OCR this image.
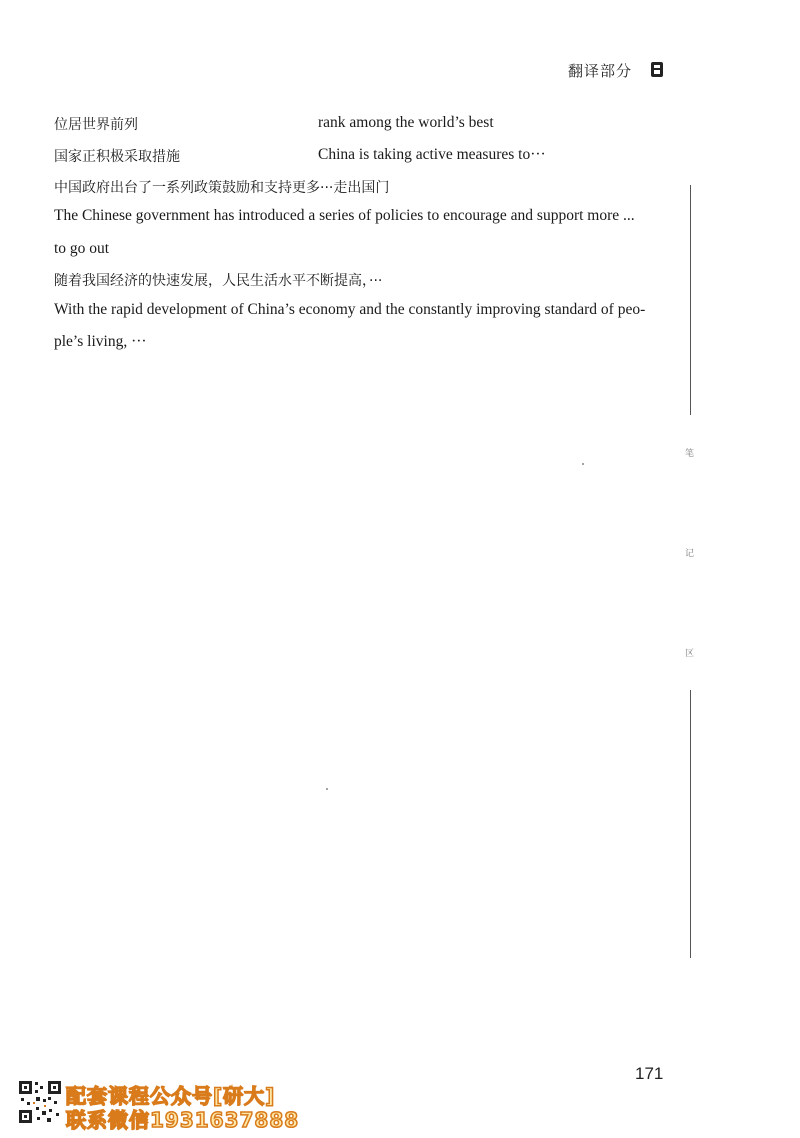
翻译部分
位居世界前列	rank among the world’s best
国家正积极采取措施	China is taking active measures to···
中国政府出台了一系列政策鼓励和支持更多···走出国门
The Chinese government has introduced a series of policies to encourage and support more ...
to go out
随着我国经济的快速发展，人民生活水平不断提高，···
With the rapid development of China’s economy and the constantly improving standard of peo-
ple’s living, ···
笔
记
区
171
配套课程公众号[研大]
联系微信1931637888
